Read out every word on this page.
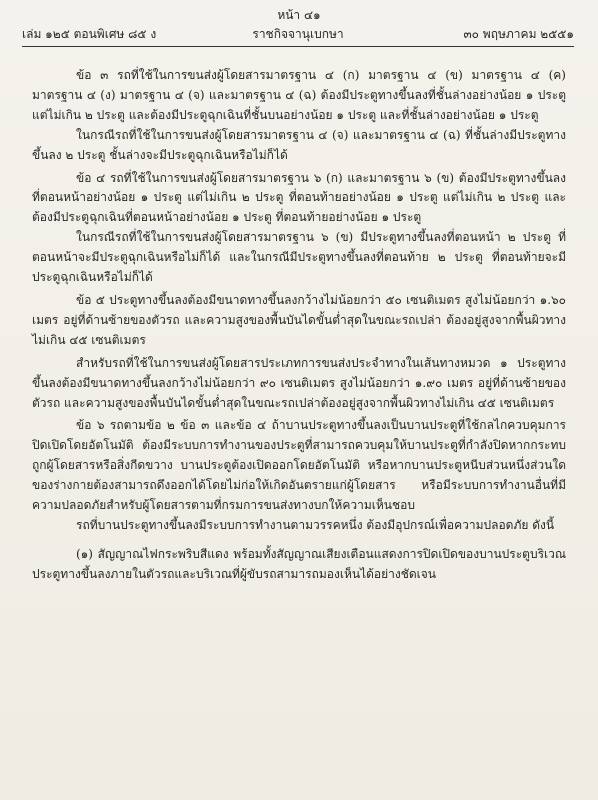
หน้า ๔๑
ราชกิจจานุเบกษา
เล่ม ๑๒๕ ตอนพิเศษ ๘๕ ง	๓๐ พฤษภาคม ๒๕๕๑

ข้อ ๓ รถที่ใช้ในการขนส่งผู้โดยสารมาตรฐาน ๔ (ก) มาตรฐาน ๔ (ข) มาตรฐาน ๔ (ค) มาตรฐาน ๔ (ง) มาตรฐาน ๔ (จ) และมาตรฐาน ๔ (ฉ) ต้องมีประตูทางขึ้นลงที่ชั้นล่างอย่างน้อย ๑ ประตู แต่ไม่เกิน ๒ ประตู และต้องมีประตูฉุกเฉินที่ชั้นบนอย่างน้อย ๑ ประตู และที่ชั้นล่างอย่างน้อย ๑ ประตู

ในกรณีรถที่ใช้ในการขนส่งผู้โดยสารมาตรฐาน ๔ (จ) และมาตรฐาน ๔ (ฉ) ที่ชั้นล่างมีประตูทางขึ้นลง ๒ ประตู ชั้นล่างจะมีประตูฉุกเฉินหรือไม่ก็ได้

ข้อ ๔ รถที่ใช้ในการขนส่งผู้โดยสารมาตรฐาน ๖ (ก) และมาตรฐาน ๖ (ข) ต้องมีประตูทางขึ้นลงที่ตอนหน้าอย่างน้อย ๑ ประตู แต่ไม่เกิน ๒ ประตู ที่ตอนท้ายอย่างน้อย ๑ ประตู แต่ไม่เกิน ๒ ประตู และต้องมีประตูฉุกเฉินที่ตอนหน้าอย่างน้อย ๑ ประตู ที่ตอนท้ายอย่างน้อย ๑ ประตู

ในกรณีรถที่ใช้ในการขนส่งผู้โดยสารมาตรฐาน ๖ (ข) มีประตูทางขึ้นลงที่ตอนหน้า ๒ ประตู ที่ตอนหน้าจะมีประตูฉุกเฉินหรือไม่ก็ได้ และในกรณีมีประตูทางขึ้นลงที่ตอนท้าย ๒ ประตู ที่ตอนท้ายจะมีประตูฉุกเฉินหรือไม่ก็ได้

ข้อ ๕ ประตูทางขึ้นลงต้องมีขนาดทางขึ้นลงกว้างไม่น้อยกว่า ๕๐ เซนติเมตร สูงไม่น้อยกว่า ๑.๖๐ เมตร อยู่ที่ด้านซ้ายของตัวรถ และความสูงของพื้นบันไดขั้นต่ำสุดในขณะรถเปล่า ต้องอยู่สูงจากพื้นผิวทางไม่เกิน ๔๕ เซนติเมตร

สำหรับรถที่ใช้ในการขนส่งผู้โดยสารประเภทการขนส่งประจำทางในเส้นทางหมวด ๑ ประตูทางขึ้นลงต้องมีขนาดทางขึ้นลงกว้างไม่น้อยกว่า ๙๐ เซนติเมตร สูงไม่น้อยกว่า ๑.๙๐ เมตร อยู่ที่ด้านซ้ายของตัวรถ และความสูงของพื้นบันไดขั้นต่ำสุดในขณะรถเปล่าต้องอยู่สูงจากพื้นผิวทางไม่เกิน ๔๕ เซนติเมตร

ข้อ ๖ รถตามข้อ ๒ ข้อ ๓ และข้อ ๔ ถ้าบานประตูทางขึ้นลงเป็นบานประตูที่ใช้กลไกควบคุมการปิดเปิดโดยอัตโนมัติ ต้องมีระบบการทำงานของประตูที่สามารถควบคุมให้บานประตูที่กำลังปิดหากกระทบถูกผู้โดยสารหรือสิ่งกีดขวาง บานประตูต้องเปิดออกโดยอัตโนมัติ หรือหากบานประตูหนีบส่วนหนึ่งส่วนใดของร่างกายต้องสามารถดึงออกได้โดยไม่ก่อให้เกิดอันตรายแก่ผู้โดยสาร หรือมีระบบการทำงานอื่นที่มีความปลอดภัยสำหรับผู้โดยสารตามที่กรมการขนส่งทางบกให้ความเห็นชอบ

รถที่บานประตูทางขึ้นลงมีระบบการทำงานตามวรรคหนึ่ง ต้องมีอุปกรณ์เพื่อความปลอดภัย ดังนี้

(๑) สัญญาณไฟกระพริบสีแดง พร้อมทั้งสัญญาณเสียงเตือนแสดงการปิดเปิดของบานประตูบริเวณประตูทางขึ้นลงภายในตัวรถและบริเวณที่ผู้ขับรถสามารถมองเห็นได้อย่างชัดเจน
